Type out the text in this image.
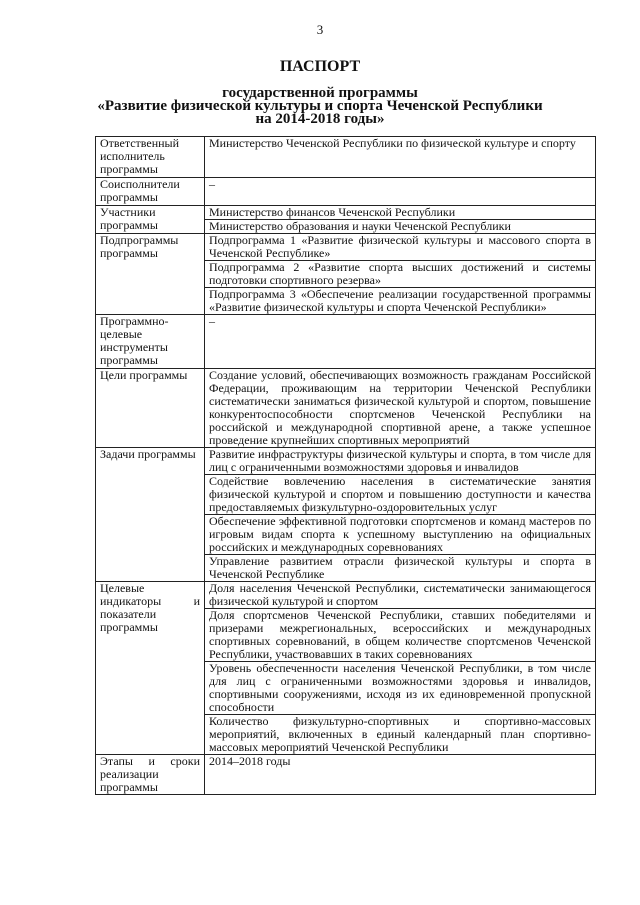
3
ПАСПОРТ
государственной программы
«Развитие физической культуры и спорта Чеченской Республики
на 2014-2018 годы»
Ответственный исполнитель программы	Министерство Чеченской Республики по физической культуре и спорту
Соисполнители программы	–
Участники программы	Министерство финансов Чеченской Республики
	Министерство образования и науки Чеченской Республики
Подпрограммы программы	Подпрограмма 1 «Развитие физической культуры и массового спорта в Чеченской Республике»
	Подпрограмма 2 «Развитие спорта высших достижений и системы подготовки спортивного резерва»
	Подпрограмма 3 «Обеспечение реализации государственной программы «Развитие физической культуры и спорта Чеченской Республики»
Программно-целевые инструменты программы	–
Цели программы	Создание условий, обеспечивающих возможность гражданам Российской Федерации, проживающим на территории Чеченской Республики систематически заниматься физической культурой и спортом, повышение конкурентоспособности спортсменов Чеченской Республики на российской и международной спортивной арене, а также успешное проведение крупнейших спортивных мероприятий
Задачи программы	Развитие инфраструктуры физической культуры и спорта, в том числе для лиц с ограниченными возможностями здоровья и инвалидов
	Содействие вовлечению населения в систематические занятия физической культурой и спортом и повышению доступности и качества предоставляемых физкультурно-оздоровительных услуг
	Обеспечение эффективной подготовки спортсменов и команд мастеров по игровым видам спорта к успешному выступлению на официальных российских и международных соревнованиях
	Управление развитием отрасли физической культуры и спорта в Чеченской Республике
Целевые индикаторы и показатели программы	Доля населения Чеченской Республики, систематически занимающегося физической культурой и спортом
	Доля спортсменов Чеченской Республики, ставших победителями и призерами межрегиональных, всероссийских и международных спортивных соревнований, в общем количестве спортсменов Чеченской Республики, участвовавших в таких соревнованиях
	Уровень обеспеченности населения Чеченской Республики, в том числе для лиц с ограниченными возможностями здоровья и инвалидов, спортивными сооружениями, исходя из их единовременной пропускной способности
	Количество физкультурно-спортивных и спортивно-массовых мероприятий, включенных в единый календарный план спортивно-массовых мероприятий Чеченской Республики
Этапы и сроки реализации программы	2014–2018 годы
